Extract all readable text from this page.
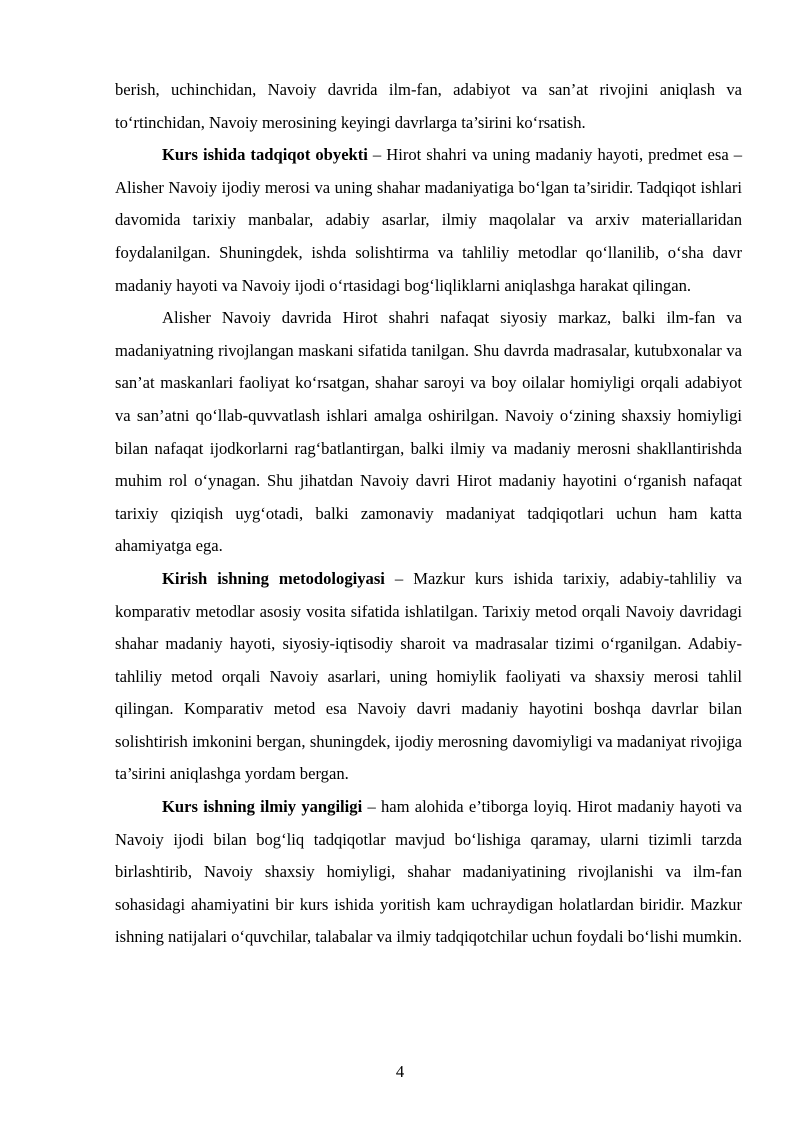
berish, uchinchidan, Navoiy davrida ilm-fan, adabiyot va san’at rivojini aniqlash va to‘rtinchidan, Navoiy merosining keyingi davrlarga ta’sirini ko‘rsatish.

Kurs ishida tadqiqot obyekti – Hirot shahri va uning madaniy hayoti, predmet esa – Alisher Navoiy ijodiy merosi va uning shahar madaniyatiga bo‘lgan ta’siridir. Tadqiqot ishlari davomida tarixiy manbalar, adabiy asarlar, ilmiy maqolalar va arxiv materiallaridan foydalanilgan. Shuningdek, ishda solishtirma va tahliliy metodlar qo‘llanilib, o‘sha davr madaniy hayoti va Navoiy ijodi o‘rtasidagi bog‘liqliklarni aniqlashga harakat qilingan.

Alisher Navoiy davrida Hirot shahri nafaqat siyosiy markaz, balki ilm-fan va madaniyatning rivojlangan maskani sifatida tanilgan. Shu davrda madrasalar, kutubxonalar va san’at maskanlari faoliyat ko‘rsatgan, shahar saroyi va boy oilalar homiyligi orqali adabiyot va san’atni qo‘llab-quvvatlash ishlari amalga oshirilgan. Navoiy o‘zining shaxsiy homiyligi bilan nafaqat ijodkorlarni rag‘batlantirgan, balki ilmiy va madaniy merosni shakllantirishda muhim rol o‘ynagan. Shu jihatdan Navoiy davri Hirot madaniy hayotini o‘rganish nafaqat tarixiy qiziqish uyg‘otadi, balki zamonaviy madaniyat tadqiqotlari uchun ham katta ahamiyatga ega.

Kirish ishning metodologiyasi – Mazkur kurs ishida tarixiy, adabiy-tahliliy va komparativ metodlar asosiy vosita sifatida ishlatilgan. Tarixiy metod orqali Navoiy davridagi shahar madaniy hayoti, siyosiy-iqtisodiy sharoit va madrasalar tizimi o‘rganilgan. Adabiy-tahliliy metod orqali Navoiy asarlari, uning homiylik faoliyati va shaxsiy merosi tahlil qilingan. Komparativ metod esa Navoiy davri madaniy hayotini boshqa davrlar bilan solishtirish imkonini bergan, shuningdek, ijodiy merosning davomiyligi va madaniyat rivojiga ta’sirini aniqlashga yordam bergan.

Kurs ishning ilmiy yangiligi – ham alohida e’tiborga loyiq. Hirot madaniy hayoti va Navoiy ijodi bilan bog‘liq tadqiqotlar mavjud bo‘lishiga qaramay, ularni tizimli tarzda birlashtirib, Navoiy shaxsiy homiyligi, shahar madaniyatining rivojlanishi va ilm-fan sohasidagi ahamiyatini bir kurs ishida yoritish kam uchraydigan holatlardan biridir. Mazkur ishning natijalari o‘quvchilar, talabalar va ilmiy tadqiqotchilar uchun foydali bo‘lishi mumkin.

4
